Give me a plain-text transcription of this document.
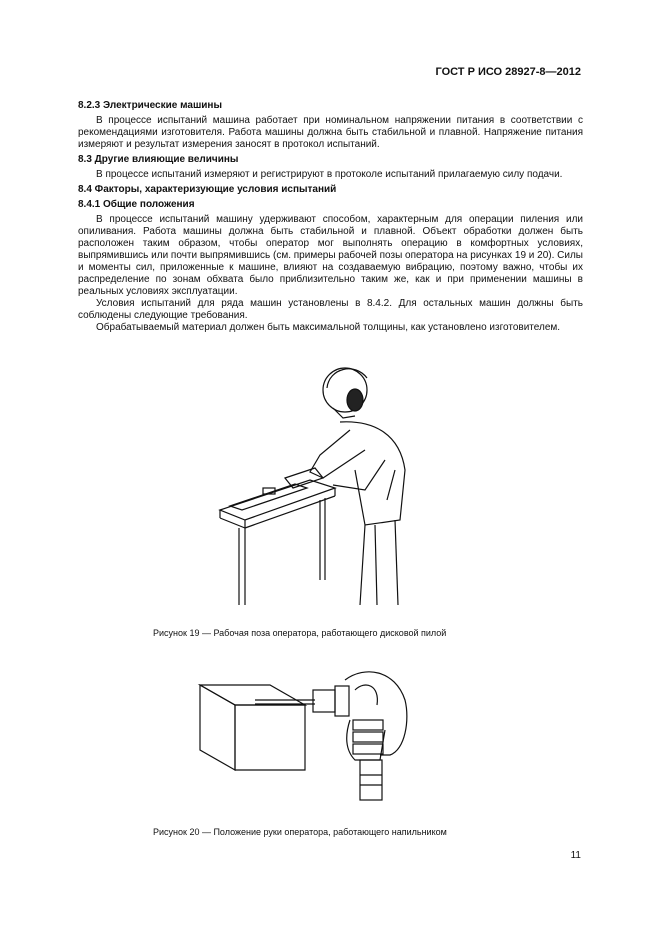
ГОСТ Р ИСО 28927-8—2012

8.2.3 Электрические машины

В процессе испытаний машина работает при номинальном напряжении питания в соответствии с рекомендациями изготовителя. Работа машины должна быть стабильной и плавной. Напряжение питания измеряют и результат измерения заносят в протокол испытаний.

8.3 Другие влияющие величины

В процессе испытаний измеряют и регистрируют в протоколе испытаний прилагаемую силу подачи.

8.4 Факторы, характеризующие условия испытаний

8.4.1 Общие положения

В процессе испытаний машину удерживают способом, характерным для операции пиления или опиливания. Работа машины должна быть стабильной и плавной. Объект обработки должен быть расположен таким образом, чтобы оператор мог выполнять операцию в комфортных условиях, выпрямившись или почти выпрямившись (см. примеры рабочей позы оператора на рисунках 19 и 20). Силы и моменты сил, приложенные к машине, влияют на создаваемую вибрацию, поэтому важно, чтобы их распределение по зонам обхвата было приблизительно таким же, как и при применении машины в реальных условиях эксплуатации.

Условия испытаний для ряда машин установлены в 8.4.2. Для остальных машин должны быть соблюдены следующие требования.

Обрабатываемый материал должен быть максимальной толщины, как установлено изготовителем.

Рисунок 19 — Рабочая поза оператора, работающего дисковой пилой
Рисунок 20 — Положение руки оператора, работающего напильником
11
